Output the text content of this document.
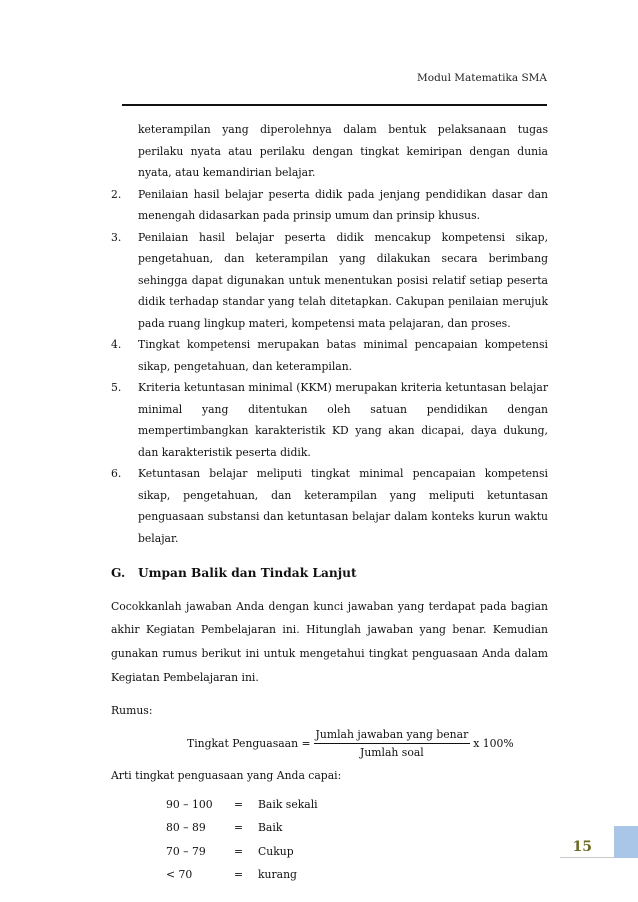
Modul Matematika SMA

keterampilan yang diperolehnya dalam bentuk pelaksanaan tugas perilaku nyata atau perilaku dengan tingkat kemiripan dengan dunia nyata, atau kemandirian belajar.

2. Penilaian hasil belajar peserta didik pada jenjang pendidikan dasar dan menengah didasarkan pada prinsip umum dan prinsip khusus.
3. Penilaian hasil belajar peserta didik mencakup kompetensi sikap, pengetahuan, dan keterampilan yang dilakukan secara berimbang sehingga dapat digunakan untuk menentukan posisi relatif setiap peserta didik terhadap standar yang telah ditetapkan. Cakupan penilaian merujuk pada ruang lingkup materi, kompetensi mata pelajaran, dan proses.
4. Tingkat kompetensi merupakan batas minimal pencapaian kompetensi sikap, pengetahuan, dan keterampilan.
5. Kriteria ketuntasan minimal (KKM) merupakan kriteria ketuntasan belajar minimal yang ditentukan oleh satuan pendidikan dengan mempertimbangkan karakteristik KD yang akan dicapai, daya dukung, dan karakteristik peserta didik.
6. Ketuntasan belajar meliputi tingkat minimal pencapaian kompetensi sikap, pengetahuan, dan keterampilan yang meliputi ketuntasan penguasaan substansi dan ketuntasan belajar dalam konteks kurun waktu belajar.
G.	Umpan Balik dan Tindak Lanjut

Cocokkanlah jawaban Anda dengan kunci jawaban yang terdapat pada bagian akhir Kegiatan Pembelajaran ini. Hitunglah jawaban yang benar. Kemudian gunakan rumus berikut ini untuk mengetahui tingkat penguasaan Anda dalam Kegiatan Pembelajaran ini.

Rumus:

Tingkat Penguasaan = $\frac{\text{Jumlah jawaban yang benar}}{\text{Jumlah soal}}$ x 100%

Arti tingkat penguasaan yang Anda capai:

90 – 100	=	Baik sekali
80 – 89	=	Baik
70 – 79	=	Cukup
< 70	=	kurang
15
